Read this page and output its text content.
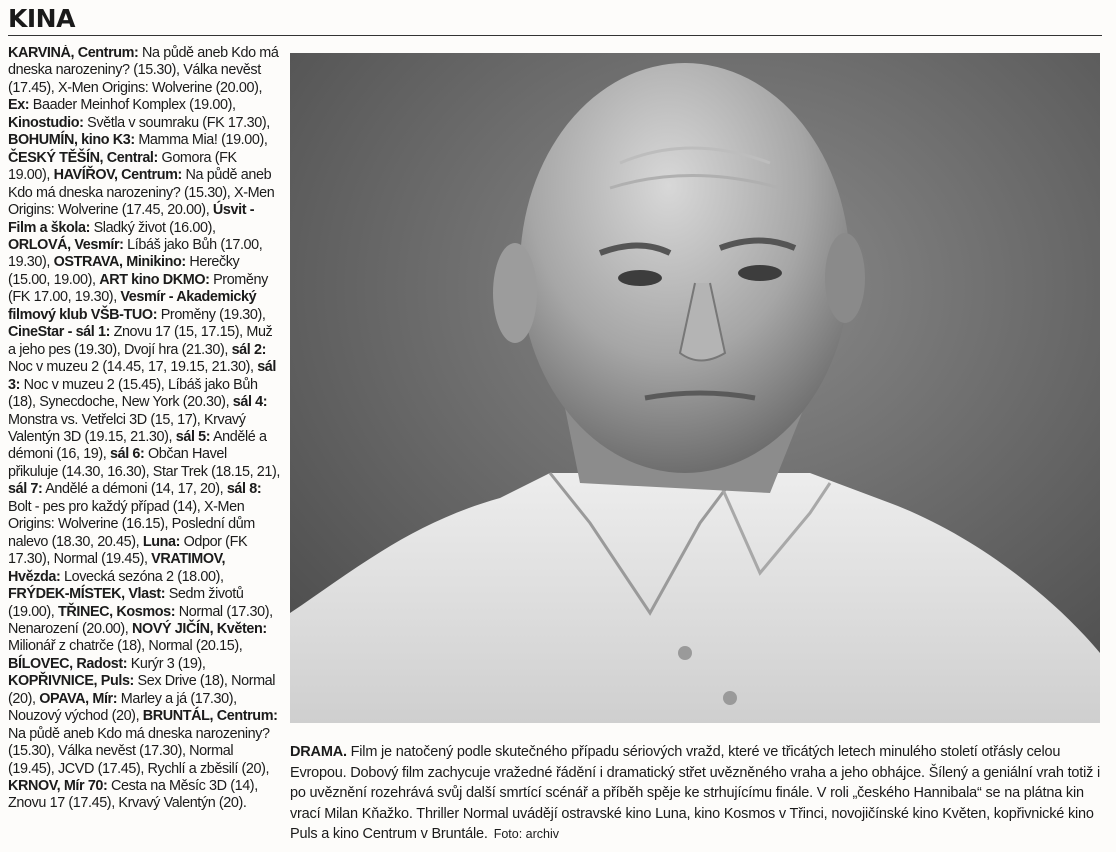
KINA
KARVINÁ, Centrum: Na půdě aneb Kdo má dneska narozeniny? (15.30), Válka nevěst (17.45), X-Men Origins: Wolverine (20.00), Ex: Baader Meinhof Komplex (19.00), Kinostudio: Světla v soumraku (FK 17.30), BOHUMÍN, kino K3: Mamma Mia! (19.00), ČESKÝ TĚŠÍN, Central: Gomora (FK 19.00), HAVÍŘOV, Centrum: Na půdě aneb Kdo má dneska narozeniny? (15.30), X-Men Origins: Wolverine (17.45, 20.00), Úsvit - Film a škola: Sladký život (16.00), ORLOVÁ, Vesmír: Líbáš jako Bůh (17.00, 19.30), OSTRAVA, Minikino: Herečky (15.00, 19.00), ART kino DKMO: Proměny (FK 17.00, 19.30), Vesmír - Akademický filmový klub VŠB-TUO: Proměny (19.30), CineStar - sál 1: Znovu 17 (15, 17.15), Muž a jeho pes (19.30), Dvojí hra (21.30), sál 2: Noc v muzeu 2 (14.45, 17, 19.15, 21.30), sál 3: Noc v muzeu 2 (15.45), Líbáš jako Bůh (18), Synecdoche, New York (20.30), sál 4: Monstra vs. Vetřelci 3D (15, 17), Krvavý Valentýn 3D (19.15, 21.30), sál 5: Andělé a démoni (16, 19), sál 6: Občan Havel přikuluje (14.30, 16.30), Star Trek (18.15, 21), sál 7: Andělé a démoni (14, 17, 20), sál 8: Bolt - pes pro každý případ (14), X-Men Origins: Wolverine (16.15), Poslední dům nalevo (18.30, 20.45), Luna: Odpor (FK 17.30), Normal (19.45), VRATIMOV, Hvězda: Lovecká sezóna 2 (18.00), FRÝDEK-MÍSTEK, Vlast: Sedm životů (19.00), TŘINEC, Kosmos: Normal (17.30), Nenarození (20.00), NOVÝ JIČÍN, Květen: Milionář z chatrče (18), Normal (20.15), BÍLOVEC, Radost: Kurýr 3 (19), KOPŘIVNICE, Puls: Sex Drive (18), Normal (20), OPAVA, Mír: Marley a já (17.30), Nouzový východ (20), BRUNTÁL, Centrum: Na půdě aneb Kdo má dneska narozeniny? (15.30), Válka nevěst (17.30), Normal (19.45), JCVD (17.45), Rychlí a zběsilí (20), KRNOV, Mír 70: Cesta na Měsíc 3D (14), Znovu 17 (17.45), Krvavý Valentýn (20).
DRAMA. Film je natočený podle skutečného případu sériových vražd, které ve třicátých letech minulého století otřásly celou Evropou. Dobový film zachycuje vražedné řádění i dramatický střet uvězněného vraha a jeho obhájce. Šílený a geniální vrah totiž i po uvěznění rozehrává svůj další smrtící scénář a příběh spěje ke strhujícímu finále. V roli „českého Hannibala“ se na plátna kin vrací Milan Kňažko. Thriller Normal uvádějí ostravské kino Luna, kino Kosmos v Třinci, novojičínské kino Květen, kopřivnické kino Puls a kino Centrum v Bruntále. Foto: archiv
